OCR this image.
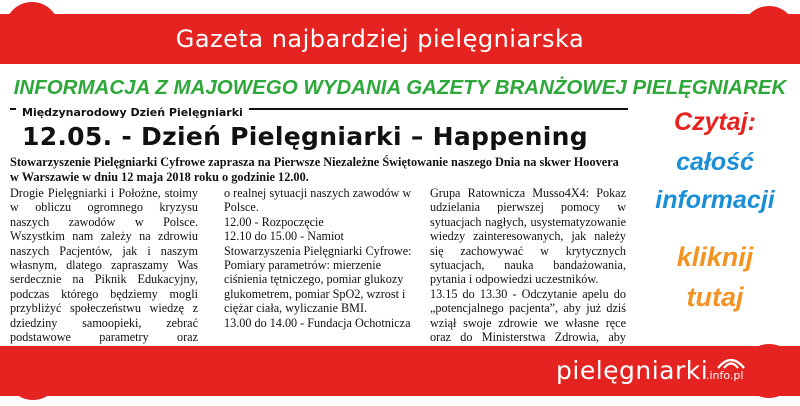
Gazeta najbardziej pielęgniarska
INFORMACJA Z MAJOWEGO WYDANIA GAZETY BRANŻOWEJ PIELĘGNIAREK
Międzynarodowy Dzień Pielęgniarki
12.05. - Dzień Pielęgniarki – Happening
Stowarzyszenie Pielęgniarki Cyfrowe zaprasza na Pierwsze Niezależne Świętowanie naszego Dnia na skwer Hoovera w Warszawie w dniu 12 maja 2018 roku o godzinie 12.00.

Drogie Pielęgniarki i Położne, stoimy w obliczu ogromnego kryzysu naszych zawodów w Polsce. Wszystkim nam zależy na zdrowiu naszych Pacjentów, jak i naszym własnym, dlatego zapraszamy Was serdecznie na Piknik Edukacyjny, podczas którego będziemy mogli przybliżyć społeczeństwu wiedzę z dziedziny samoopieki, zebrać podstawowe parametry oraz

o realnej sytuacji naszych zawodów w Polsce.

12.00 - Rozpoczęcie

12.10 do 15.00 - Namiot Stowarzyszenia Pielęgniarki Cyfrowe: Pomiary parametrów: mierzenie ciśnienia tętniczego, pomiar glukozy glukometrem, pomiar SpO2, wzrost i ciężar ciała, wyliczanie BMI.

13.00 do 14.00 - Fundacja Ochotnicza

Grupa Ratownicza Musso4X4: Pokaz udzielania pierwszej pomocy w sytuacjach nagłych, usystematyzowanie wiedzy zainteresowanych, jak należy się zachowywać w krytycznych sytuacjach, nauka bandażowania, pytania i odpowiedzi uczestników.

13.15 do 13.30 - Odczytanie apelu do „potencjalnego pacjenta”, aby już dziś wziął swoje zdrowie we własne ręce oraz do Ministerstwa Zdrowia, aby

Czytaj:
całość
informacji
kliknij
tutaj
pielęgniarki
.info.pl
